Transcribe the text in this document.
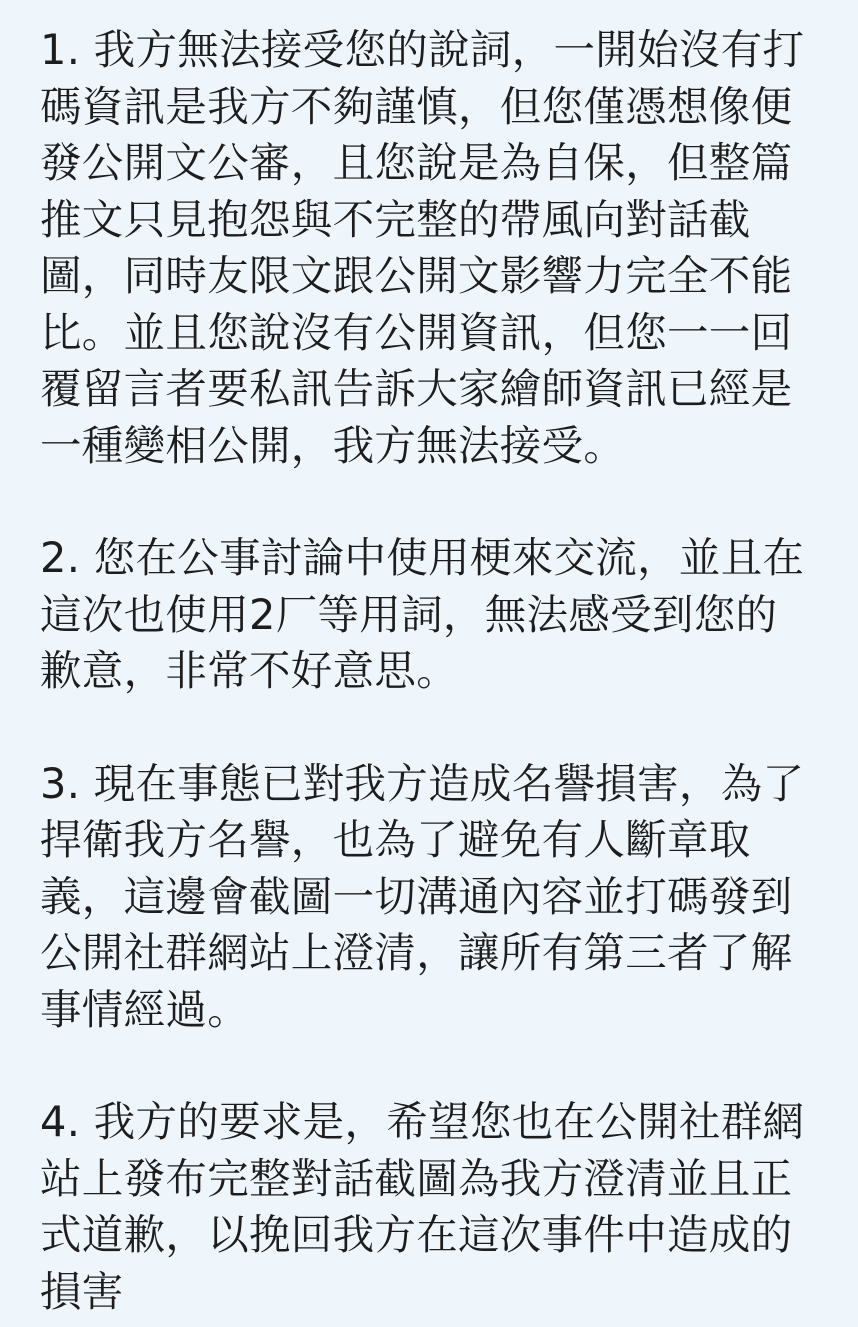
1. 我方無法接受您的說詞，一開始沒有打碼資訊是我方不夠謹慎，但您僅憑想像便發公開文公審，且您說是為自保，但整篇推文只見抱怨與不完整的帶風向對話截圖，同時友限文跟公開文影響力完全不能比。並且您說沒有公開資訊，但您一一回覆留言者要私訊告訴大家繪師資訊已經是一種變相公開，我方無法接受。

2. 您在公事討論中使用梗來交流，並且在這次也使用2厂等用詞，無法感受到您的歉意，非常不好意思。

3. 現在事態已對我方造成名譽損害，為了捍衛我方名譽，也為了避免有人斷章取義，這邊會截圖一切溝通內容並打碼發到公開社群網站上澄清，讓所有第三者了解事情經過。

4. 我方的要求是，希望您也在公開社群網站上發布完整對話截圖為我方澄清並且正式道歉，以挽回我方在這次事件中造成的損害
